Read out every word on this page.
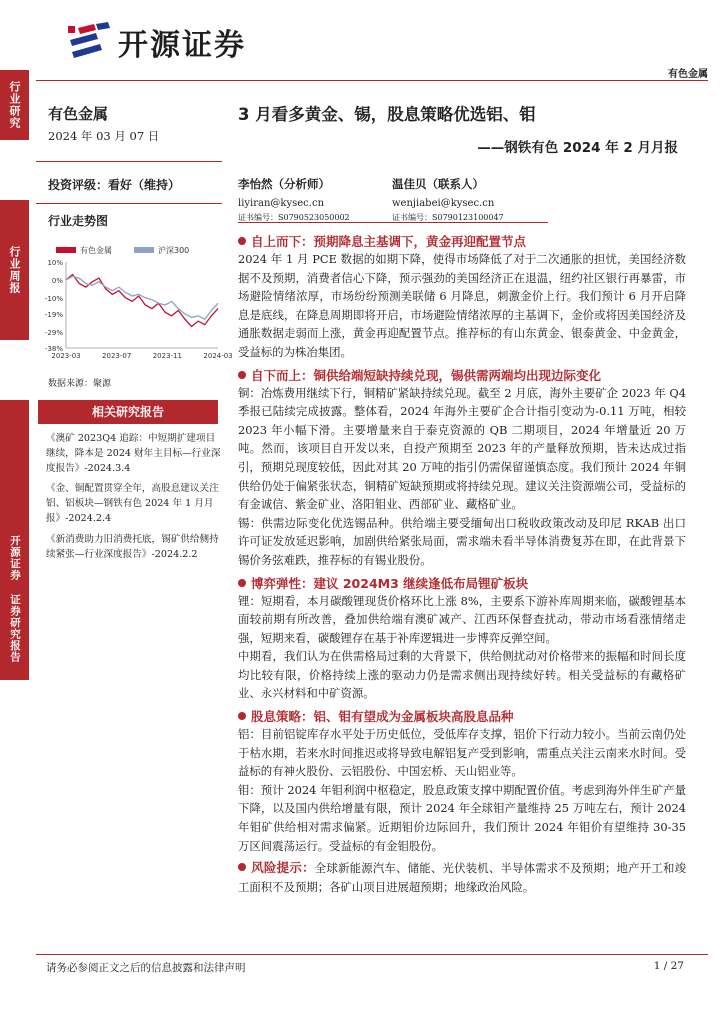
行业研究
行业周报
开源证券 证券研究报告
开源证券
有色金属
有色金属
2024 年 03 月 07 日
投资评级：看好（维持）
行业走势图
有色金属	沪深300
10%
0%
-10%
-19%
-29%
-38%
2023-03	2023-07	2023-11	2024-03
数据来源：聚源
相关研究报告
《澳矿 2023Q4 追踪：中短期扩建项目继续，降本是 2024 财年主目标—行业深度报告》-2024.3.4
《金、铜配置贯穿全年，高股息建议关注铝、铝板块—钢铁有色 2024 年 1 月月报》-2024.2.4
《新消费助力旧消费托底，锡矿供给侧持续紧张—行业深度报告》-2024.2.2
3 月看多黄金、锡，股息策略优选铝、钼
——钢铁有色 2024 年 2 月月报
李怡然（分析师）
liyiran@kysec.cn
证书编号：S0790523050002
温佳贝（联系人）
wenjiabei@kysec.cn
证书编号：S0790123100047
自上而下：预期降息主基调下，黄金再迎配置节点
2024 年 1 月 PCE 数据的如期下降，使得市场降低了对于二次通胀的担忧，美国经济数据不及预期，消费者信心下降，预示强劲的美国经济正在退温，纽约社区银行再暴雷，市场避险情绪浓厚，市场纷纷预测美联储 6 月降息，刺激金价上行。我们预计 6 月开启降息是底线，在降息周期即将开启，市场避险情绪浓厚的主基调下，金价或将因美国经济及通胀数据走弱而上涨，黄金再迎配置节点。推荐标的有山东黄金、银泰黄金、中金黄金，受益标的为株冶集团。
自下而上：铜供给端短缺持续兑现，锡供需两端均出现边际变化
铜：冶炼费用继续下行，铜精矿紧缺持续兑现。截至 2 月底，海外主要矿企 2023 年 Q4 季报已陆续完成披露。整体看，2024 年海外主要矿企合计指引变动为-0.11 万吨，相较 2023 年小幅下滑。主要增量来自于泰克资源的 QB 二期项目，2024 年增量近 20 万吨。然而，该项目自开发以来，自投产预期至 2023 年的产量释放预期，皆未达成过指引，预期兑现度较低，因此对其 20 万吨的指引仍需保留谨慎态度。我们预计 2024 年铜供给仍处于偏紧张状态，铜精矿短缺预期或将持续兑现。建议关注资源端公司，受益标的有金诚信、紫金矿业、洛阳钼业、西部矿业、藏格矿业。
锡：供需边际变化优选锡品种。供给端主要受缅甸出口税收政策改动及印尼 RKAB 出口许可证发放延迟影响，加剧供给紧张局面，需求端未看半导体消费复苏在即，在此背景下锡价务弦难跌，推荐标的有锡业股份。
博弈弹性：建议 2024M3 继续逢低布局锂矿板块
锂：短期看，本月碳酸锂现货价格环比上涨 8%，主要系下游补库周期来临，碳酸锂基本面较前期有所改善，叠加供给端有澳矿减产、江西环保督查扰动，带动市场看涨情绪走强，短期来看，碳酸锂存在基于补库逻辑进一步博弈反弹空间。
中期看，我们认为在供需格局过剩的大背景下，供给侧扰动对价格带来的振幅和时间长度均比较有限，价格持续上涨的驱动力仍是需求侧出现持续好转。相关受益标的有藏格矿业、永兴材料和中矿资源。
股息策略：铝、钼有望成为金属板块高股息品种
铝：目前铝锭库存水平处于历史低位，受低库存支撑，铝价下行动力较小。当前云南仍处于枯水期，若来水时间推迟或将导致电解铝复产受到影响，需重点关注云南来水时间。受益标的有神火股份、云铝股份、中国宏桥、天山铝业等。
钼：预计 2024 年钼利润中枢稳定，股息政策支撑中期配置价值。考虑到海外伴生矿产量下降，以及国内供给增量有限，预计 2024 年全球钼产量维持 25 万吨左右，预计 2024 年钼矿供给相对需求偏紧。近期钼价边际回升，我们预计 2024 年钼价有望维持 30-35 万区间震荡运行。受益标的有金钼股份。
风险提示：全球新能源汽车、储能、光伏装机、半导体需求不及预期；地产开工和竣工面积不及预期；各矿山项目进展超预期；地缘政治风险。
请务必参阅正文之后的信息披露和法律声明	1 / 27
